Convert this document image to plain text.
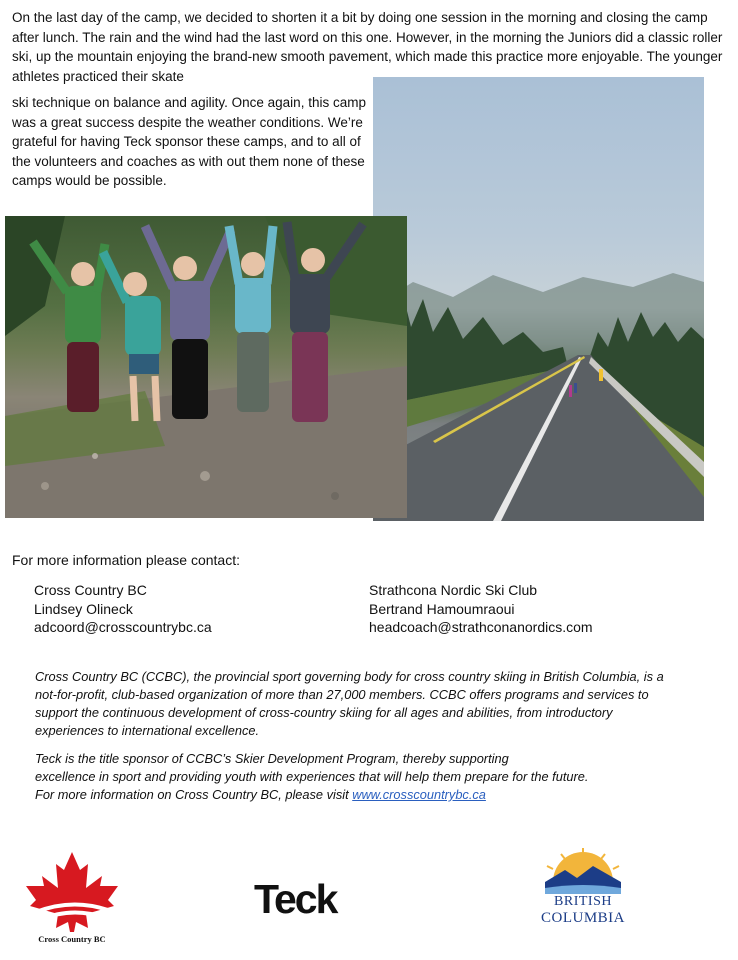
On the last day of the camp, we decided to shorten it a bit by doing one session in the morning and closing the camp after lunch. The rain and the wind had the last word on this one. However, in the morning the Juniors did a classic roller ski, up the mountain enjoying the brand-new smooth pavement, which made this practice more enjoyable. The younger athletes practiced their skate
ski technique on balance and agility. Once again, this camp was a great success despite the weather conditions. We’re grateful for having Teck sponsor these camps, and to all of the volunteers and coaches as with out them none of these camps would be possible.
For more information please contact:
Cross Country BC
Lindsey Olineck
adcoord@crosscountrybc.ca
Strathcona Nordic Ski Club
Bertrand Hamoumraoui
headcoach@strathconanordics.com
Cross Country BC (CCBC), the provincial sport governing body for cross country skiing in British Columbia, is a not-for-profit, club-based organization of more than 27,000 members. CCBC offers programs and services to support the continuous development of cross-country skiing for all ages and abilities, from introductory experiences to international excellence.
Teck is the title sponsor of CCBC’s Skier Development Program, thereby supporting
excellence in sport and providing youth with experiences that will help them prepare for the future.
For more information on Cross Country BC, please visit www.crosscountrybc.ca
Cross Country BC
Teck	BRITISH
COLUMBIA
